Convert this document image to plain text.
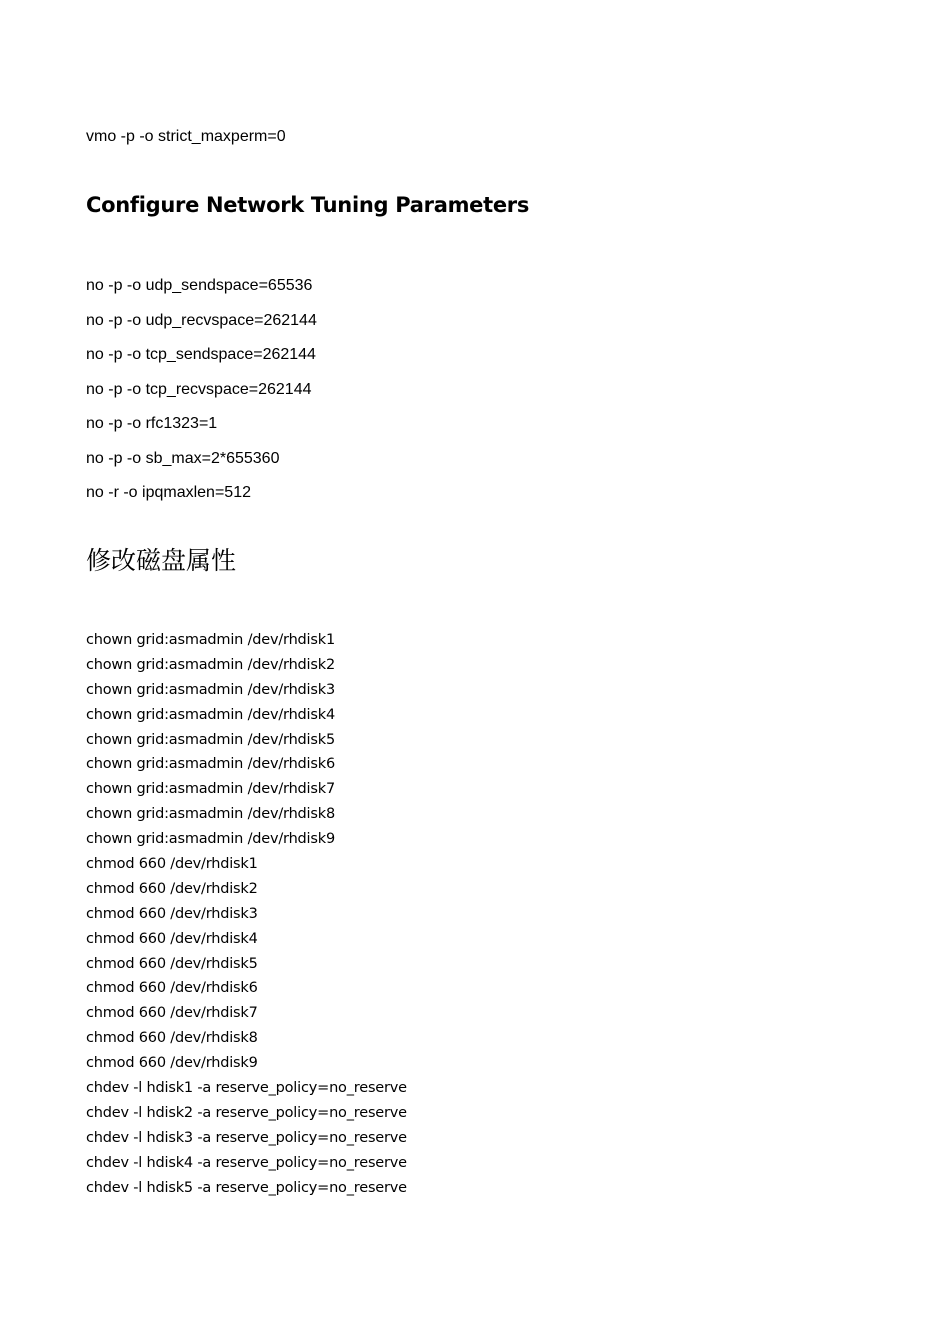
vmo -p -o strict_maxperm=0
Configure Network Tuning Parameters
no -p -o udp_sendspace=65536
no -p -o udp_recvspace=262144
no -p -o tcp_sendspace=262144
no -p -o tcp_recvspace=262144
no -p -o rfc1323=1
no -p -o sb_max=2*655360
no -r -o ipqmaxlen=512
修改磁盘属性
chown grid:asmadmin /dev/rhdisk1
chown grid:asmadmin /dev/rhdisk2
chown grid:asmadmin /dev/rhdisk3
chown grid:asmadmin /dev/rhdisk4
chown grid:asmadmin /dev/rhdisk5
chown grid:asmadmin /dev/rhdisk6
chown grid:asmadmin /dev/rhdisk7
chown grid:asmadmin /dev/rhdisk8
chown grid:asmadmin /dev/rhdisk9
chmod 660 /dev/rhdisk1
chmod 660 /dev/rhdisk2
chmod 660 /dev/rhdisk3
chmod 660 /dev/rhdisk4
chmod 660 /dev/rhdisk5
chmod 660 /dev/rhdisk6
chmod 660 /dev/rhdisk7
chmod 660 /dev/rhdisk8
chmod 660 /dev/rhdisk9
chdev -l hdisk1 -a reserve_policy=no_reserve
chdev -l hdisk2 -a reserve_policy=no_reserve
chdev -l hdisk3 -a reserve_policy=no_reserve
chdev -l hdisk4 -a reserve_policy=no_reserve
chdev -l hdisk5 -a reserve_policy=no_reserve
